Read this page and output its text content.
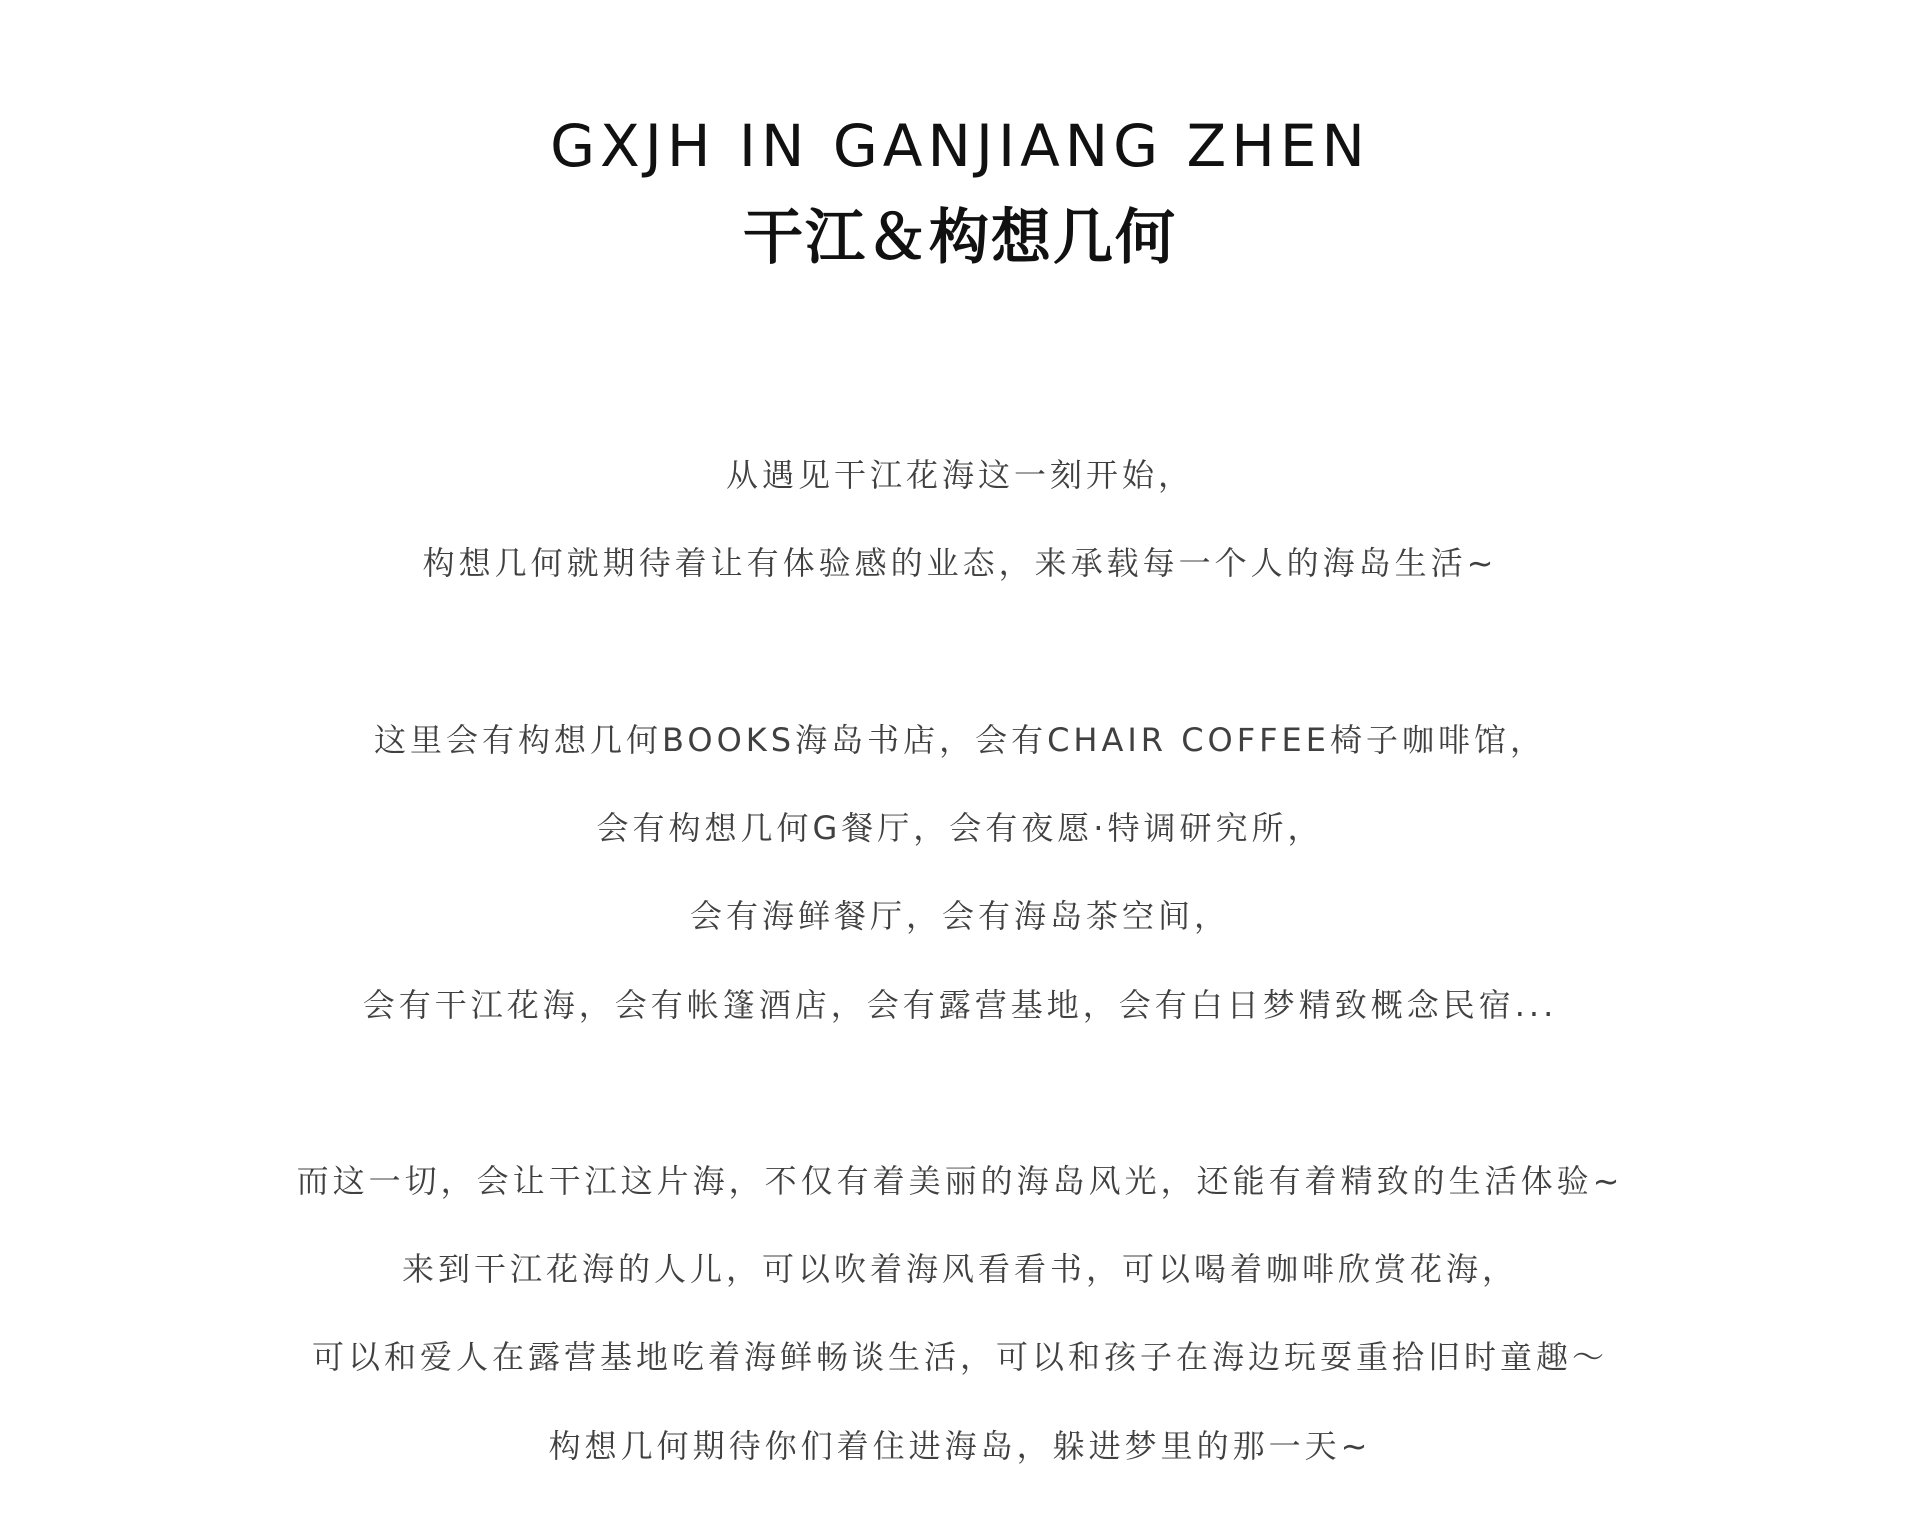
GXJH IN GANJIANG ZHEN
干江＆构想几何
从遇见干江花海这一刻开始，
构想几何就期待着让有体验感的业态，来承载每一个人的海岛生活~
这里会有构想几何BOOKS海岛书店，会有CHAIR COFFEE椅子咖啡馆，
会有构想几何G餐厅，会有夜愿·特调研究所，
会有海鲜餐厅，会有海岛茶空间，
会有干江花海，会有帐篷酒店，会有露营基地，会有白日梦精致概念民宿...
而这一切，会让干江这片海，不仅有着美丽的海岛风光，还能有着精致的生活体验~
来到干江花海的人儿，可以吹着海风看看书，可以喝着咖啡欣赏花海，
可以和爱人在露营基地吃着海鲜畅谈生活，可以和孩子在海边玩耍重拾旧时童趣～
构想几何期待你们着住进海岛，躲进梦里的那一天~
